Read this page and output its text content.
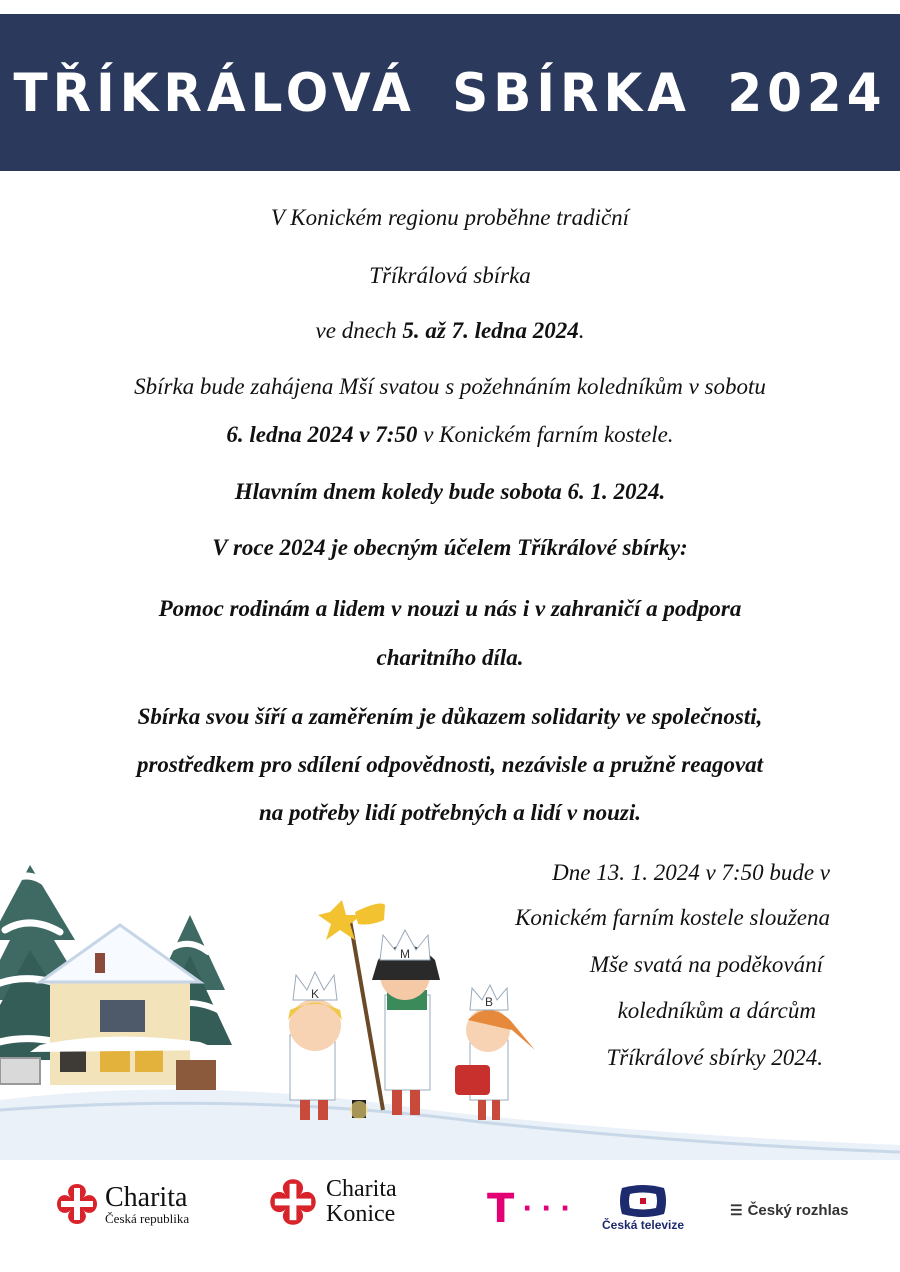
TŘÍKRÁLOVÁ SBÍRKA 2024
V Konickém regionu proběhne tradiční
Tříkrálová sbírka
ve dnech 5. až 7. ledna 2024.
Sbírka bude zahájena Mší svatou s požehnáním koledníkům v sobotu
6. ledna 2024 v 7:50 v Konickém farním kostele.
Hlavním dnem koledy bude sobota 6. 1. 2024.
V roce 2024 je obecným účelem Tříkrálové sbírky:
Pomoc rodinám a lidem v nouzi u nás i v zahraničí a podpora
charitního díla.
Sbírka svou šíří a zaměřením je důkazem solidarity ve společnosti,
prostředkem pro sdílení odpovědnosti, nezávisle a pružně reagovat
na potřeby lidí potřebných a lidí v nouzi.
K
M
B
Dne 13. 1. 2024 v 7:50 bude v
Konickém farním kostele sloužena
Mše svatá na poděkování
koledníkům a dárcům
Tříkrálové sbírky 2024.
Charita
Česká republika
Charita
Konice T · · ·
Česká televize
☰ Český rozhlas
